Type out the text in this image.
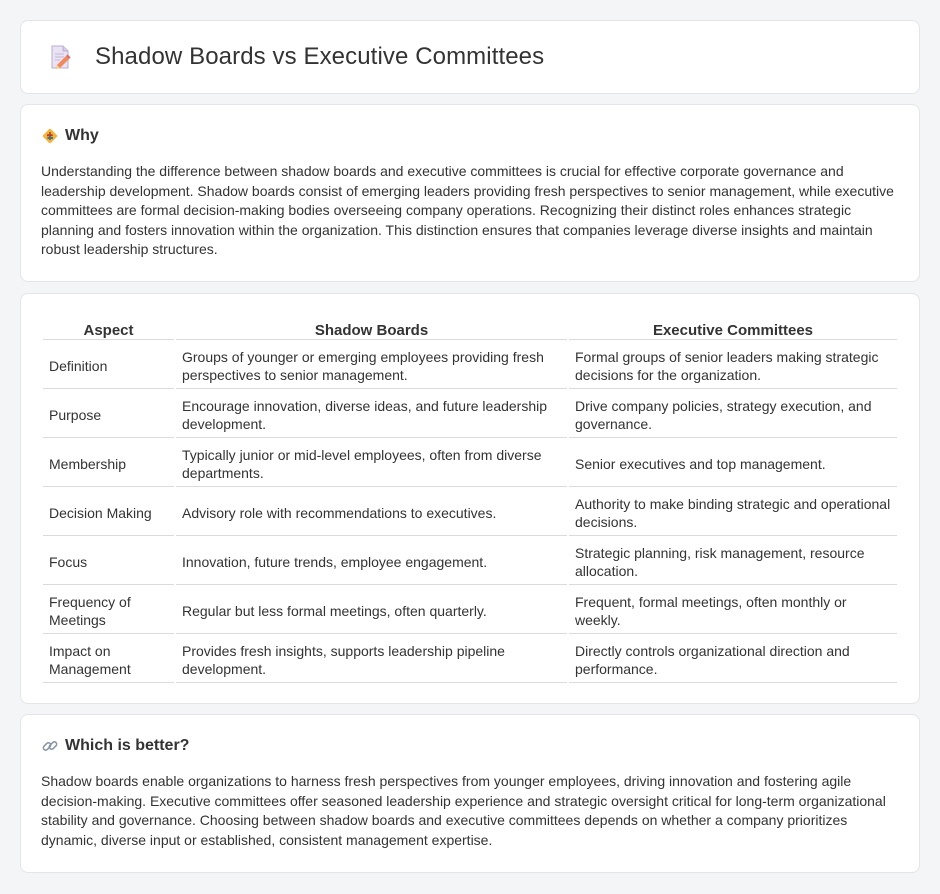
Shadow Boards vs Executive Committees
Why

Understanding the difference between shadow boards and executive committees is crucial for effective corporate governance and leadership development. Shadow boards consist of emerging leaders providing fresh perspectives to senior management, while executive committees are formal decision-making bodies overseeing company operations. Recognizing their distinct roles enhances strategic planning and fosters innovation within the organization. This distinction ensures that companies leverage diverse insights and maintain robust leadership structures.

Aspect	Shadow Boards	Executive Committees
Definition	Groups of younger or emerging employees providing fresh perspectives to senior management.	Formal groups of senior leaders making strategic decisions for the organization.
Purpose	Encourage innovation, diverse ideas, and future leadership development.	Drive company policies, strategy execution, and governance.
Membership	Typically junior or mid-level employees, often from diverse departments.	Senior executives and top management.
Decision Making	Advisory role with recommendations to executives.	Authority to make binding strategic and operational decisions.
Focus	Innovation, future trends, employee engagement.	Strategic planning, risk management, resource allocation.
Frequency of Meetings	Regular but less formal meetings, often quarterly.	Frequent, formal meetings, often monthly or weekly.
Impact on Management	Provides fresh insights, supports leadership pipeline development.	Directly controls organizational direction and performance.
Which is better?

Shadow boards enable organizations to harness fresh perspectives from younger employees, driving innovation and fostering agile decision-making. Executive committees offer seasoned leadership experience and strategic oversight critical for long-term organizational stability and governance. Choosing between shadow boards and executive committees depends on whether a company prioritizes dynamic, diverse input or established, consistent management expertise.
